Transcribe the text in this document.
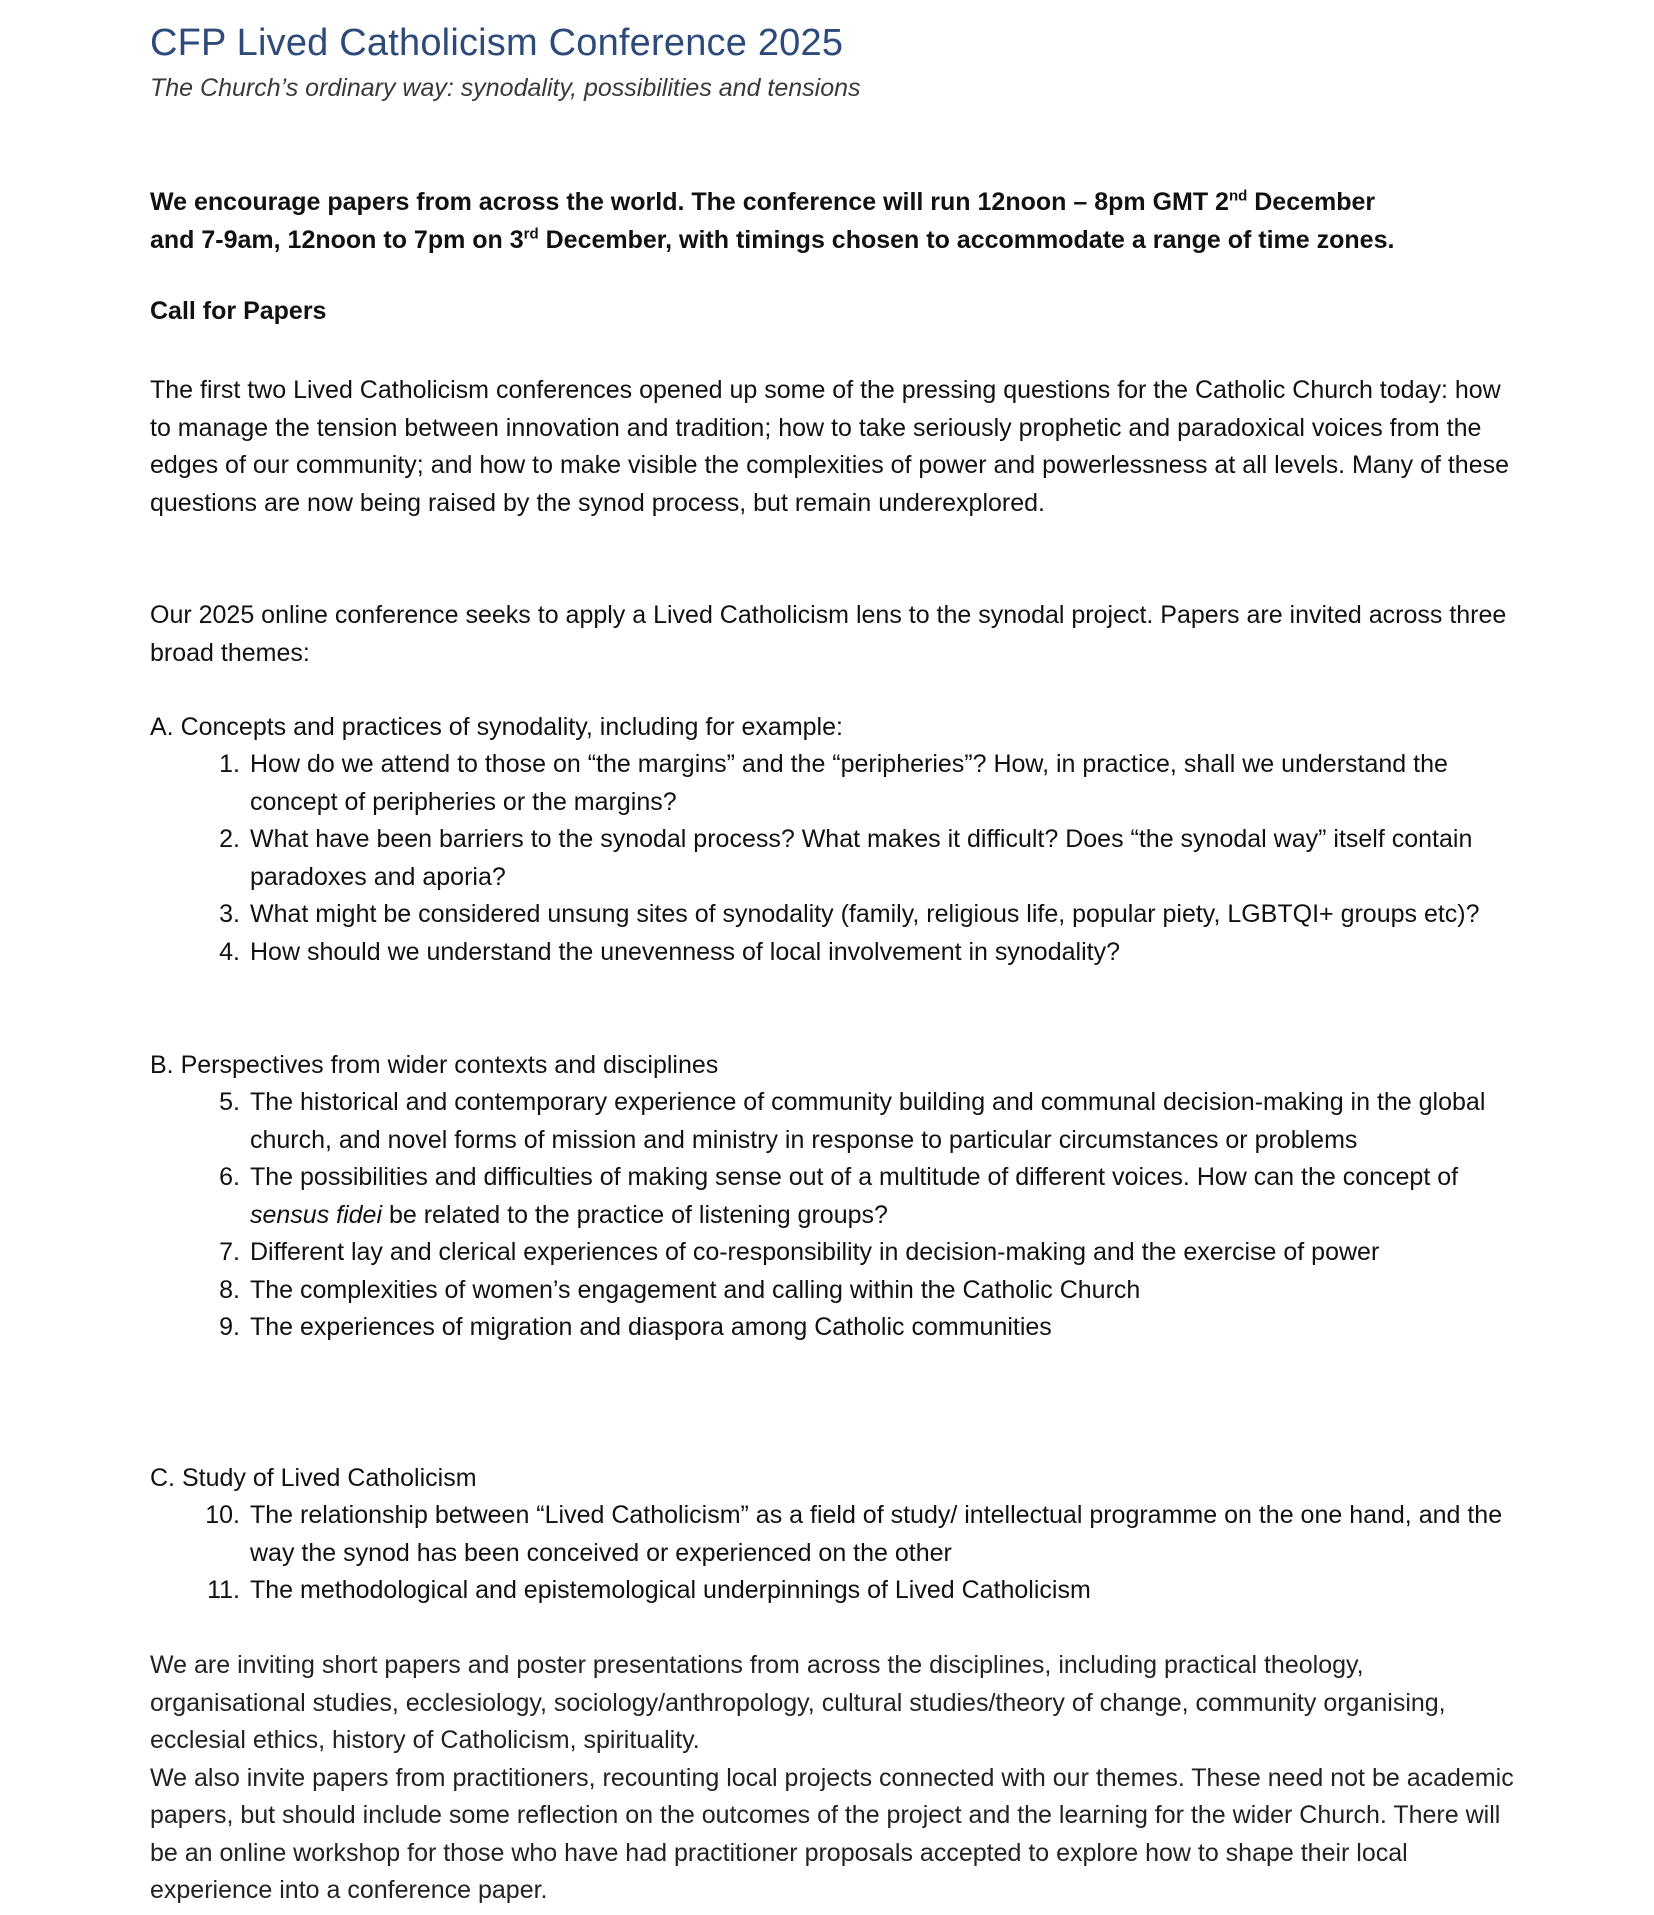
CFP Lived Catholicism Conference 2025
The Church’s ordinary way: synodality, possibilities and tensions
We encourage papers from across the world. The conference will run 12noon – 8pm GMT 2nd December
and 7-9am, 12noon to 7pm on 3rd December, with timings chosen to accommodate a range of time zones.
Call for Papers
The first two Lived Catholicism conferences opened up some of the pressing questions for the Catholic Church today: how to manage the tension between innovation and tradition; how to take seriously prophetic and paradoxical voices from the edges of our community; and how to make visible the complexities of power and powerlessness at all levels. Many of these questions are now being raised by the synod process, but remain underexplored.
Our 2025 online conference seeks to apply a Lived Catholicism lens to the synodal project. Papers are invited across three broad themes:
A. Concepts and practices of synodality, including for example:
1. How do we attend to those on “the margins” and the “peripheries”? How, in practice, shall we understand the concept of peripheries or the margins?
2. What have been barriers to the synodal process? What makes it difficult? Does “the synodal way” itself contain paradoxes and aporia?
3. What might be considered unsung sites of synodality (family, religious life, popular piety, LGBTQI+ groups etc)?
4. How should we understand the unevenness of local involvement in synodality?
B. Perspectives from wider contexts and disciplines
5. The historical and contemporary experience of community building and communal decision-making in the global church, and novel forms of mission and ministry in response to particular circumstances or problems
6. The possibilities and difficulties of making sense out of a multitude of different voices. How can the concept of sensus fidei be related to the practice of listening groups?
7. Different lay and clerical experiences of co-responsibility in decision-making and the exercise of power
8. The complexities of women’s engagement and calling within the Catholic Church
9. The experiences of migration and diaspora among Catholic communities
C. Study of Lived Catholicism
10. The relationship between “Lived Catholicism” as a field of study/ intellectual programme on the one hand, and the way the synod has been conceived or experienced on the other
11. The methodological and epistemological underpinnings of Lived Catholicism

We are inviting short papers and poster presentations from across the disciplines, including practical theology, organisational studies, ecclesiology, sociology/anthropology, cultural studies/theory of change, community organising, ecclesial ethics, history of Catholicism, spirituality.

We also invite papers from practitioners, recounting local projects connected with our themes. These need not be academic papers, but should include some reflection on the outcomes of the project and the learning for the wider Church. There will be an online workshop for those who have had practitioner proposals accepted to explore how to shape their local experience into a conference paper.
